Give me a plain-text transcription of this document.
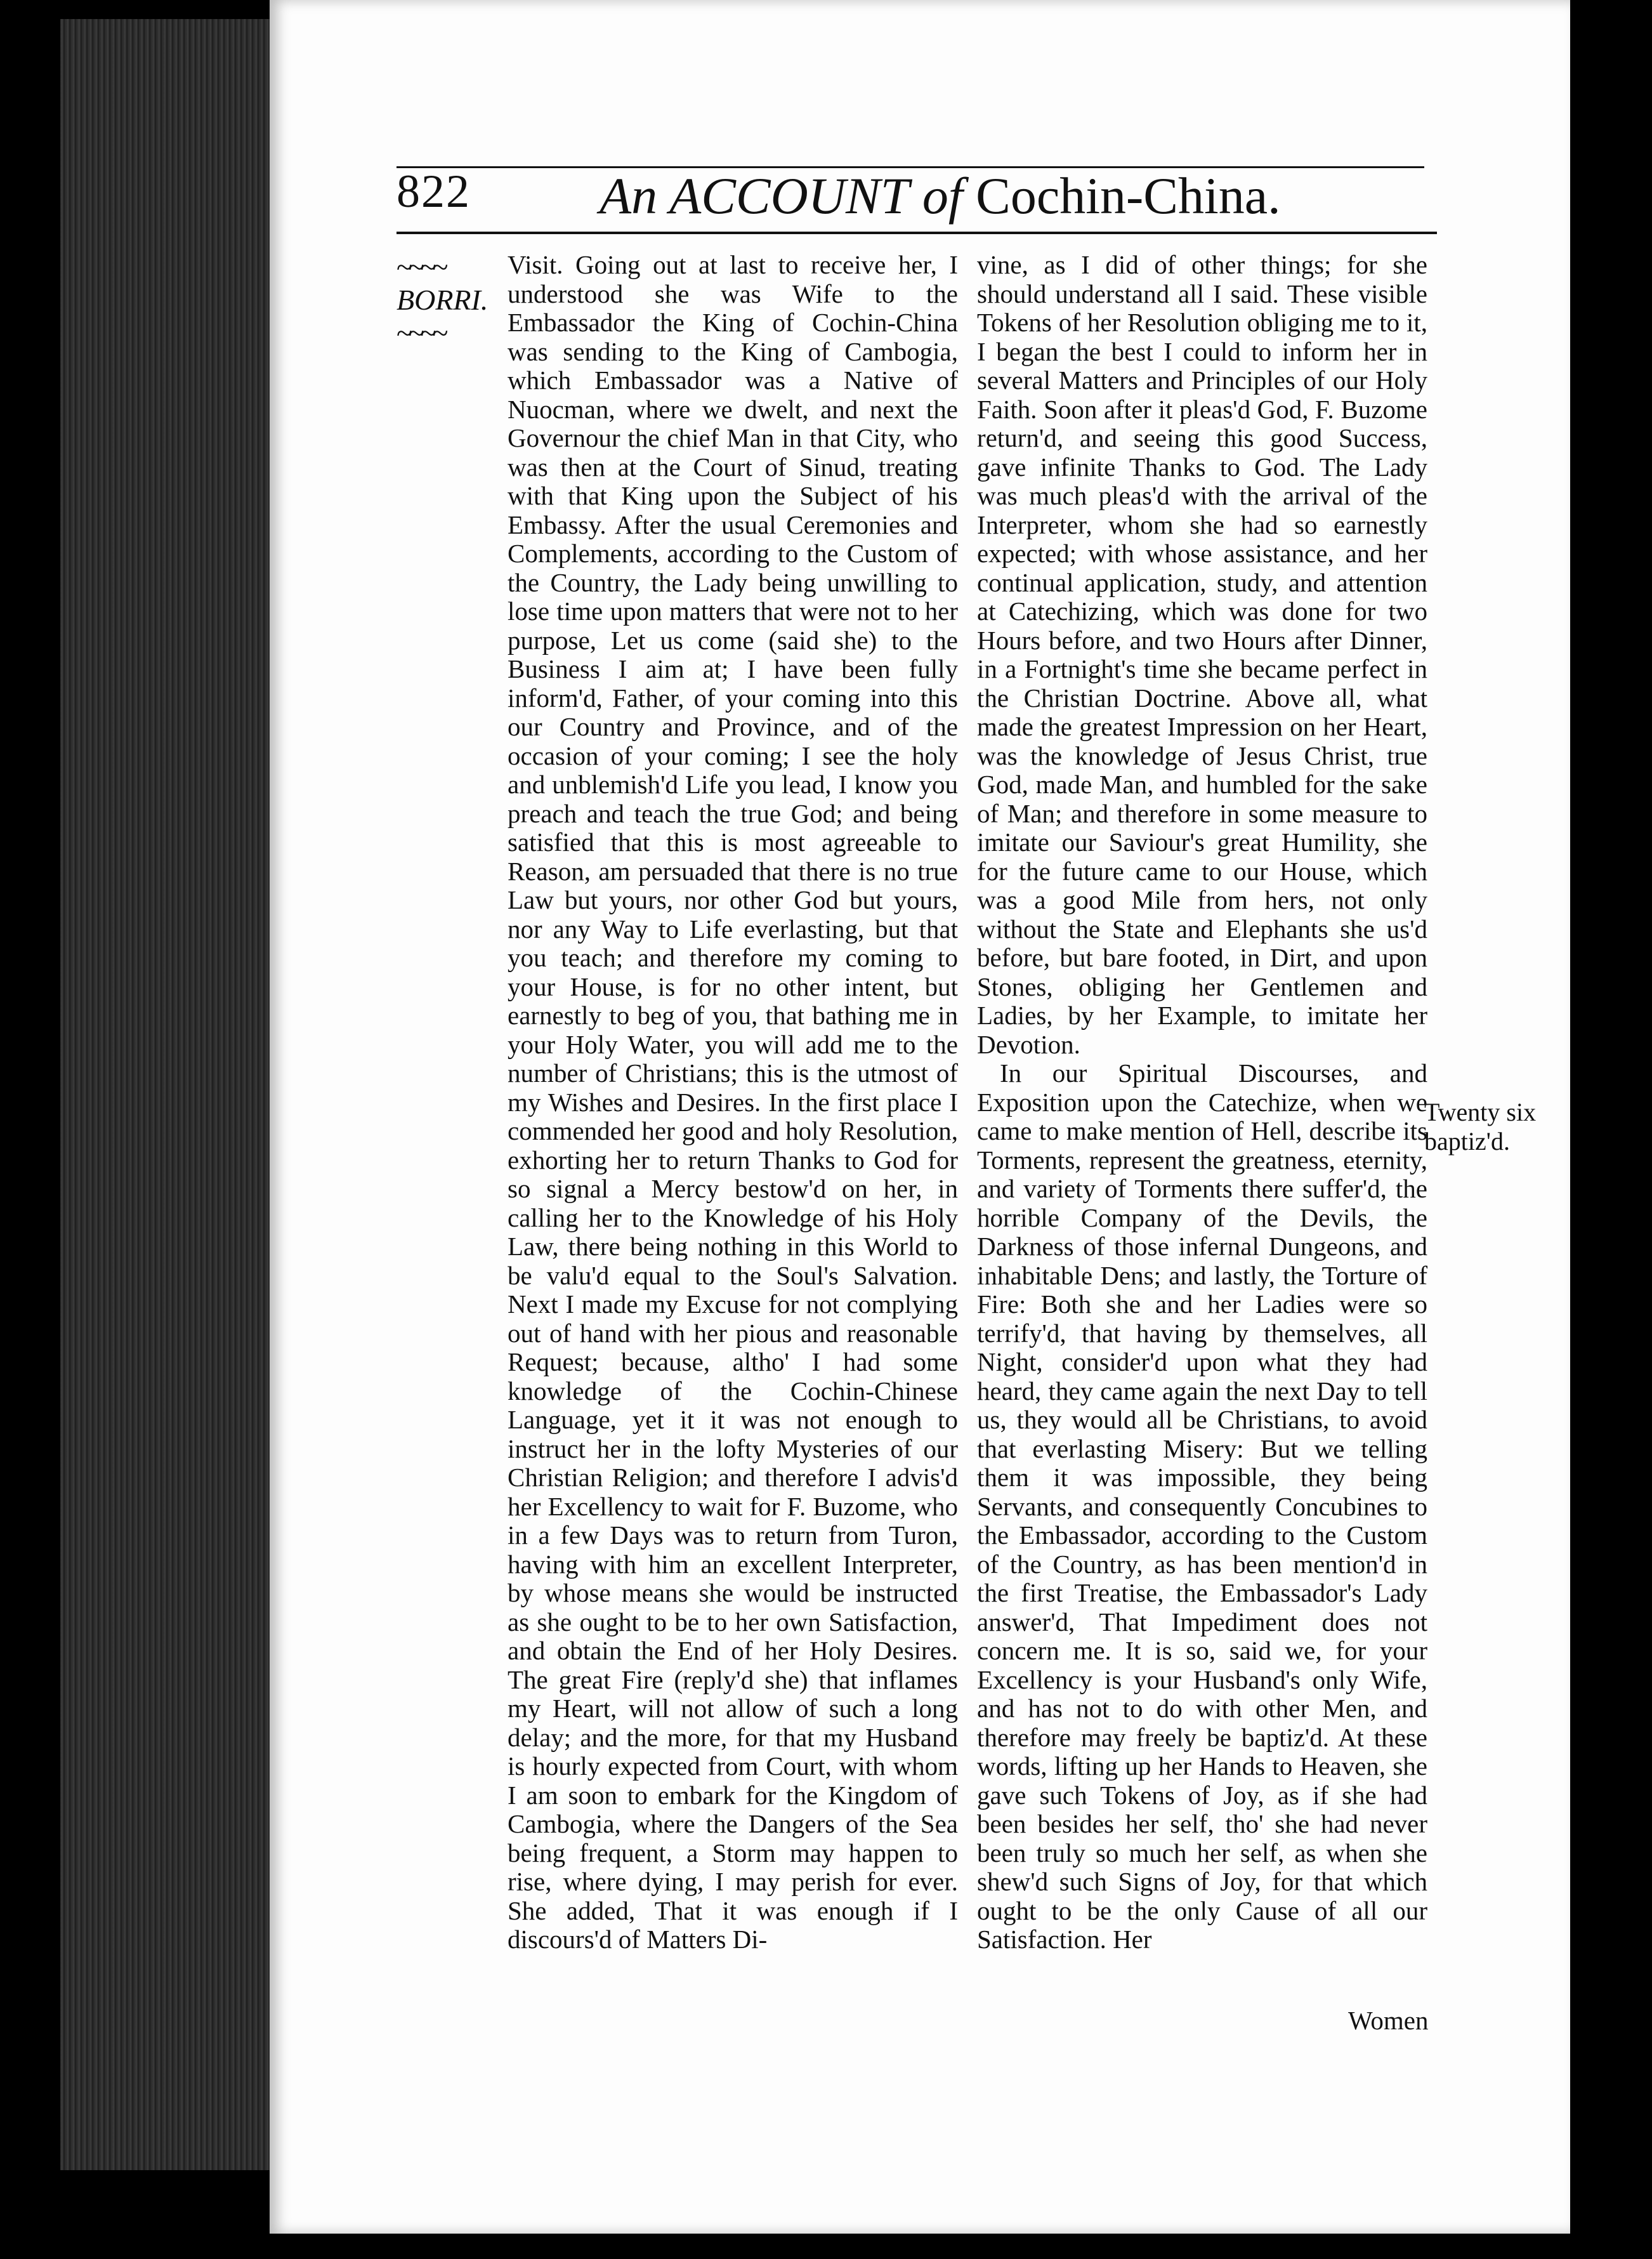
822 An ACCOUNT of Cochin-China.
~~~~
BORRI.
~~~~

Visit. Going out at last to receive her, I understood she was Wife to the Embassador the King of Cochin-China was sending to the King of Cambogia, which Embassador was a Native of Nuocman, where we dwelt, and next the Governour the chief Man in that City, who was then at the Court of Sinud, treating with that King upon the Subject of his Embassy. After the usual Ceremonies and Complements, according to the Custom of the Country, the Lady being unwilling to lose time upon matters that were not to her purpose, Let us come (said she) to the Business I aim at; I have been fully inform'd, Father, of your coming into this our Country and Province, and of the occasion of your coming; I see the holy and unblemish'd Life you lead, I know you preach and teach the true God; and being satisfied that this is most agreeable to Reason, am persuaded that there is no true Law but yours, nor other God but yours, nor any Way to Life everlasting, but that you teach; and therefore my coming to your House, is for no other intent, but earnestly to beg of you, that bathing me in your Holy Water, you will add me to the number of Christians; this is the utmost of my Wishes and Desires. In the first place I commended her good and holy Resolution, exhorting her to return Thanks to God for so signal a Mercy bestow'd on her, in calling her to the Knowledge of his Holy Law, there being nothing in this World to be valu'd equal to the Soul's Salvation. Next I made my Excuse for not complying out of hand with her pious and reasonable Request; because, altho' I had some knowledge of the Cochin-Chinese Language, yet it it was not enough to instruct her in the lofty Mysteries of our Christian Religion; and therefore I advis'd her Excellency to wait for F. Buzome, who in a few Days was to return from Turon, having with him an excellent Interpreter, by whose means she would be instructed as she ought to be to her own Satisfaction, and obtain the End of her Holy Desires. The great Fire (reply'd she) that inflames my Heart, will not allow of such a long delay; and the more, for that my Husband is hourly expected from Court, with whom I am soon to embark for the Kingdom of Cambogia, where the Dangers of the Sea being frequent, a Storm may happen to rise, where dying, I may perish for ever. She added, That it was enough if I discours'd of Matters Di-

vine, as I did of other things; for she should understand all I said. These visible Tokens of her Resolution obliging me to it, I began the best I could to inform her in several Matters and Principles of our Holy Faith. Soon after it pleas'd God, F. Buzome return'd, and seeing this good Success, gave infinite Thanks to God. The Lady was much pleas'd with the arrival of the Interpreter, whom she had so earnestly expected; with whose assistance, and her continual application, study, and attention at Catechizing, which was done for two Hours before, and two Hours after Dinner, in a Fortnight's time she became perfect in the Christian Doctrine. Above all, what made the greatest Impression on her Heart, was the knowledge of Jesus Christ, true God, made Man, and humbled for the sake of Man; and therefore in some measure to imitate our Saviour's great Humility, she for the future came to our House, which was a good Mile from hers, not only without the State and Elephants she us'd before, but bare footed, in Dirt, and upon Stones, obliging her Gentlemen and Ladies, by her Example, to imitate her Devotion.

In our Spiritual Discourses, and Exposition upon the Catechize, when we came to make mention of Hell, describe its Torments, represent the greatness, eternity, and variety of Torments there suffer'd, the horrible Company of the Devils, the Darkness of those infernal Dungeons, and inhabitable Dens; and lastly, the Torture of Fire: Both she and her Ladies were so terrify'd, that having by themselves, all Night, consider'd upon what they had heard, they came again the next Day to tell us, they would all be Christians, to avoid that everlasting Misery: But we telling them it was impossible, they being Servants, and consequently Concubines to the Embassador, according to the Custom of the Country, as has been mention'd in the first Treatise, the Embassador's Lady answer'd, That Impediment does not concern me. It is so, said we, for your Excellency is your Husband's only Wife, and has not to do with other Men, and therefore may freely be baptiz'd. At these words, lifting up her Hands to Heaven, she gave such Tokens of Joy, as if she had been besides her self, tho' she had never been truly so much her self, as when she shew'd such Signs of Joy, for that which ought to be the only Cause of all our Satisfaction. Her

Twenty six baptiz'd.
Women
